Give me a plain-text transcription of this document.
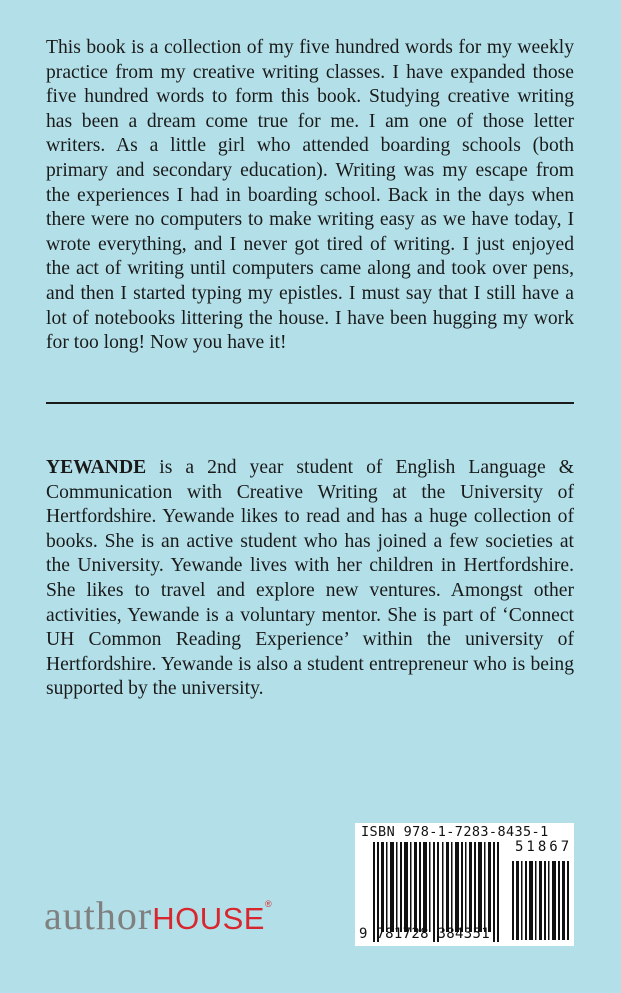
This book is a collection of my five hundred words for my weekly practice from my creative writing classes. I have expanded those five hundred words to form this book. Studying creative writing has been a dream come true for me. I am one of those letter writers. As a little girl who attended boarding schools (both primary and secondary education). Writing was my escape from the experiences I had in boarding school. Back in the days when there were no computers to make writing easy as we have today, I wrote everything, and I never got tired of writing. I just enjoyed the act of writing until computers came along and took over pens, and then I started typing my epistles. I must say that I still have a lot of notebooks littering the house. I have been hugging my work for too long! Now you have it!

YEWANDE is a 2nd year student of English Language & Communication with Creative Writing at the University of Hertfordshire. Yewande likes to read and has a huge collection of books. She is an active student who has joined a few societies at the University. Yewande lives with her children in Hertfordshire. She likes to travel and explore new ventures. Amongst other activities, Yewande is a voluntary mentor. She is part of ‘Connect UH Common Reading Experience’ within the university of Hertfordshire. Yewande is also a student entrepreneur who is being supported by the university.

authorHOUSE®
ISBN 978-1-7283-8435-1
51867
9 781728 384351
